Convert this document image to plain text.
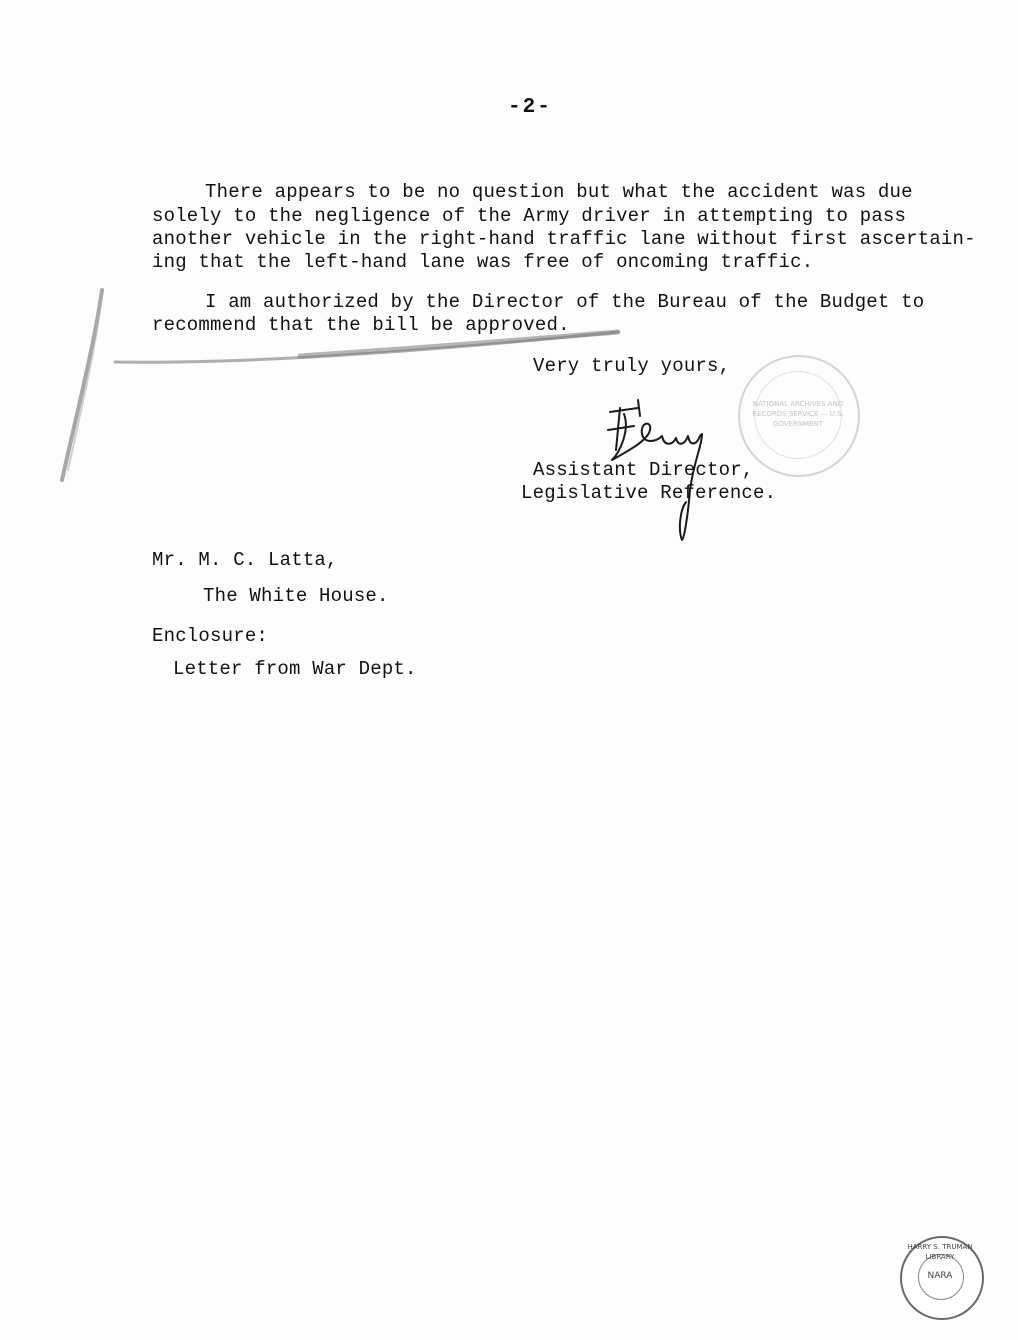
-2-
There appears to be no question but what the accident was due
solely to the negligence of the Army driver in attempting to pass
another vehicle in the right-hand traffic lane without first ascertain-
ing that the left-hand lane was free of oncoming traffic.
I am authorized by the Director of the Bureau of the Budget to
recommend that the bill be approved.
Very truly yours,
NATIONAL ARCHIVES AND RECORDS SERVICE — U.S. GOVERNMENT
Assistant Director,
Legislative Reference.
Mr. M. C. Latta,
The White House.
Enclosure:
Letter from War Dept.
HARRY S. TRUMAN LIBRARY
NARA
